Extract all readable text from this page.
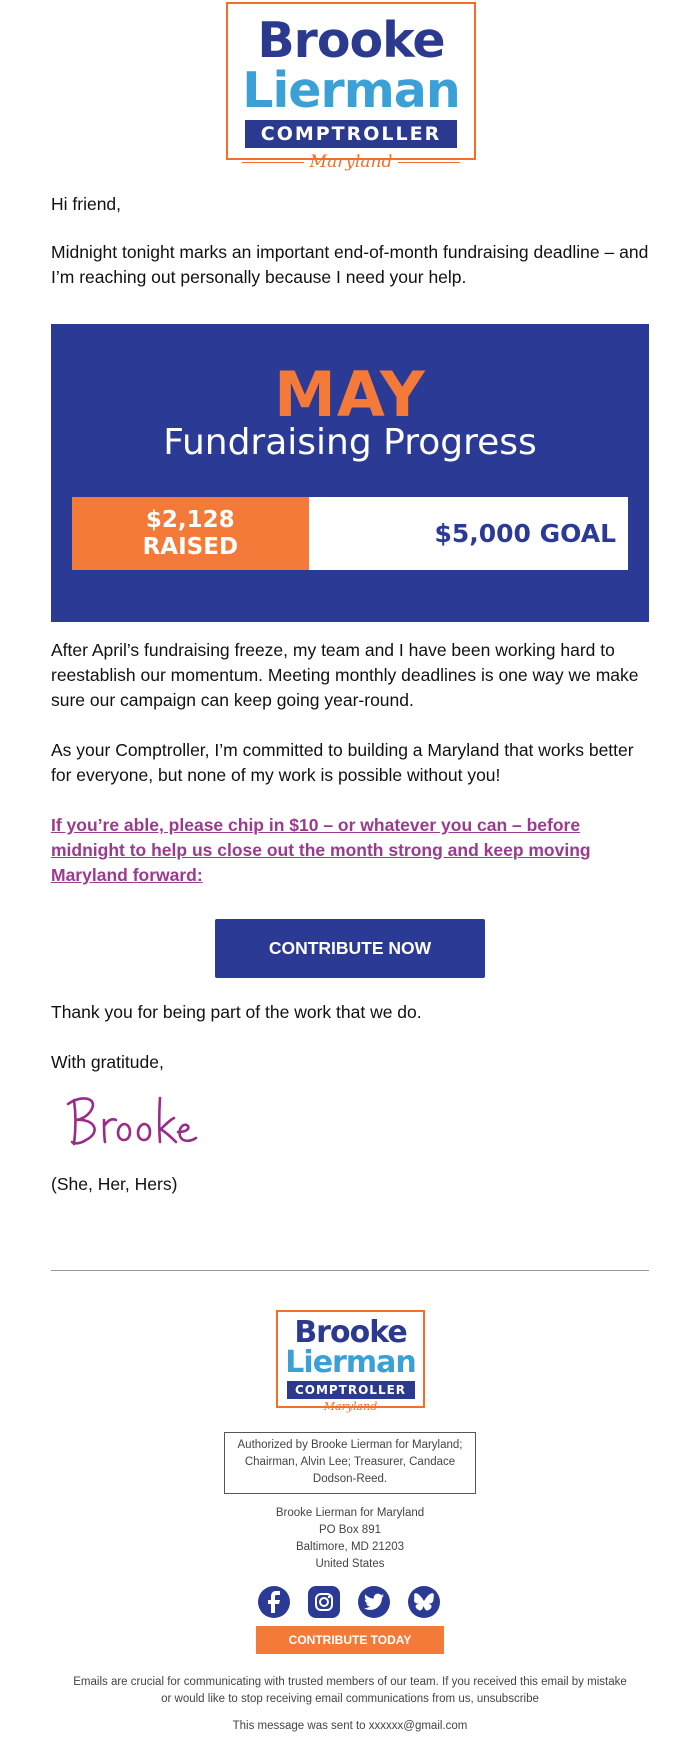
Brooke
Lierman
COMPTROLLER
Maryland
Hi friend,
Midnight tonight marks an important end-of-month fundraising deadline – and I’m reaching out personally because I need your help.
MAY
Fundraising Progress
$2,128
RAISED	$5,000 GOAL
After April’s fundraising freeze, my team and I have been working hard to reestablish our momentum. Meeting monthly deadlines is one way we make sure our campaign can keep going year-round.
As your Comptroller, I’m committed to building a Maryland that works better for everyone, but none of my work is possible without you!
If you’re able, please chip in $10 – or whatever you can – before midnight to help us close out the month strong and keep moving Maryland forward:
CONTRIBUTE NOW
Thank you for being part of the work that we do.
With gratitude,
(She, Her, Hers)
Brooke
Lierman
COMPTROLLER
Maryland
Authorized by Brooke Lierman for Maryland;
Chairman, Alvin Lee; Treasurer, Candace
Dodson-Reed.
Brooke Lierman for Maryland
PO Box 891
Baltimore, MD 21203
United States
CONTRIBUTE TODAY
Emails are crucial for communicating with trusted members of our team. If you received this email by mistake or would like to stop receiving email communications from us, unsubscribe
This message was sent to xxxxxx@gmail.com
